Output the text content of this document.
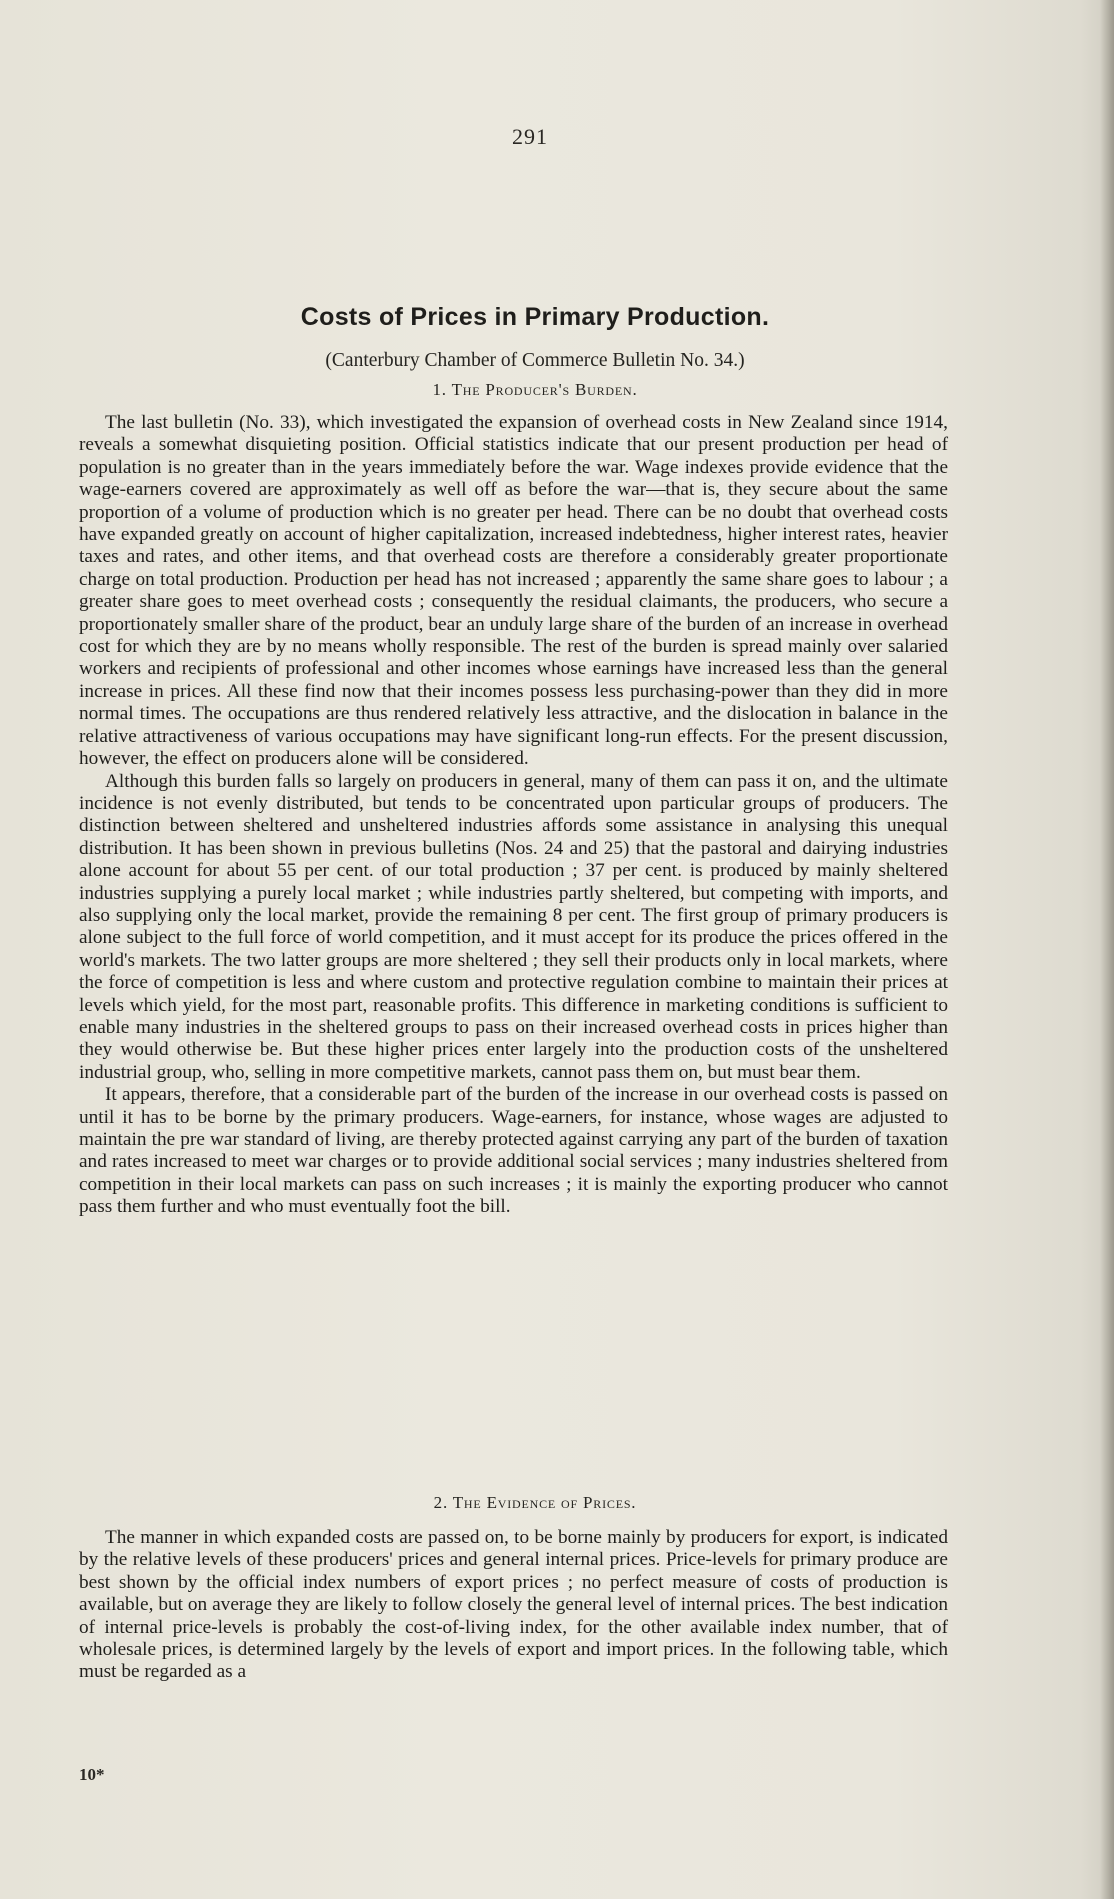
291
Costs of Prices in Primary Production.
(Canterbury Chamber of Commerce Bulletin No. 34.)
1. The Producer's Burden.

The last bulletin (No. 33), which investigated the expansion of overhead costs in New Zealand since 1914, reveals a somewhat disquieting position. Official statistics indicate that our present production per head of population is no greater than in the years immediately before the war. Wage indexes provide evidence that the wage-earners covered are approximately as well off as before the war—that is, they secure about the same proportion of a volume of production which is no greater per head. There can be no doubt that overhead costs have expanded greatly on account of higher capitalization, increased indebtedness, higher interest rates, heavier taxes and rates, and other items, and that overhead costs are therefore a considerably greater proportionate charge on total production. Production per head has not increased ; apparently the same share goes to labour ; a greater share goes to meet overhead costs ; consequently the residual claimants, the producers, who secure a proportionately smaller share of the product, bear an unduly large share of the burden of an increase in overhead cost for which they are by no means wholly responsible. The rest of the burden is spread mainly over salaried workers and recipients of professional and other incomes whose earnings have increased less than the general increase in prices. All these find now that their incomes possess less purchasing-power than they did in more normal times. The occupations are thus rendered relatively less attractive, and the dislocation in balance in the relative attractiveness of various occupations may have significant long-run effects. For the present discussion, however, the effect on producers alone will be considered.

Although this burden falls so largely on producers in general, many of them can pass it on, and the ultimate incidence is not evenly distributed, but tends to be concentrated upon particular groups of producers. The distinction between sheltered and unsheltered industries affords some assistance in analysing this unequal distribution. It has been shown in previous bulletins (Nos. 24 and 25) that the pastoral and dairying industries alone account for about 55 per cent. of our total production ; 37 per cent. is produced by mainly sheltered industries supplying a purely local market ; while industries partly sheltered, but competing with imports, and also supplying only the local market, provide the remaining 8 per cent. The first group of primary producers is alone subject to the full force of world competition, and it must accept for its produce the prices offered in the world's markets. The two latter groups are more sheltered ; they sell their products only in local markets, where the force of competition is less and where custom and protective regulation combine to maintain their prices at levels which yield, for the most part, reasonable profits. This difference in marketing conditions is sufficient to enable many industries in the sheltered groups to pass on their increased overhead costs in prices higher than they would otherwise be. But these higher prices enter largely into the production costs of the unsheltered industrial group, who, selling in more competitive markets, cannot pass them on, but must bear them.

It appears, therefore, that a considerable part of the burden of the increase in our overhead costs is passed on until it has to be borne by the primary producers. Wage-earners, for instance, whose wages are adjusted to maintain the pre war standard of living, are thereby protected against carrying any part of the burden of taxation and rates increased to meet war charges or to provide additional social services ; many industries sheltered from competition in their local markets can pass on such increases ; it is mainly the exporting producer who cannot pass them further and who must eventually foot the bill.

2. The Evidence of Prices.

The manner in which expanded costs are passed on, to be borne mainly by producers for export, is indicated by the relative levels of these producers' prices and general internal prices. Price-levels for primary produce are best shown by the official index numbers of export prices ; no perfect measure of costs of production is available, but on average they are likely to follow closely the general level of internal prices. The best indication of internal price-levels is probably the cost-of-living index, for the other available index number, that of wholesale prices, is determined largely by the levels of export and import prices. In the following table, which must be regarded as a

10*
